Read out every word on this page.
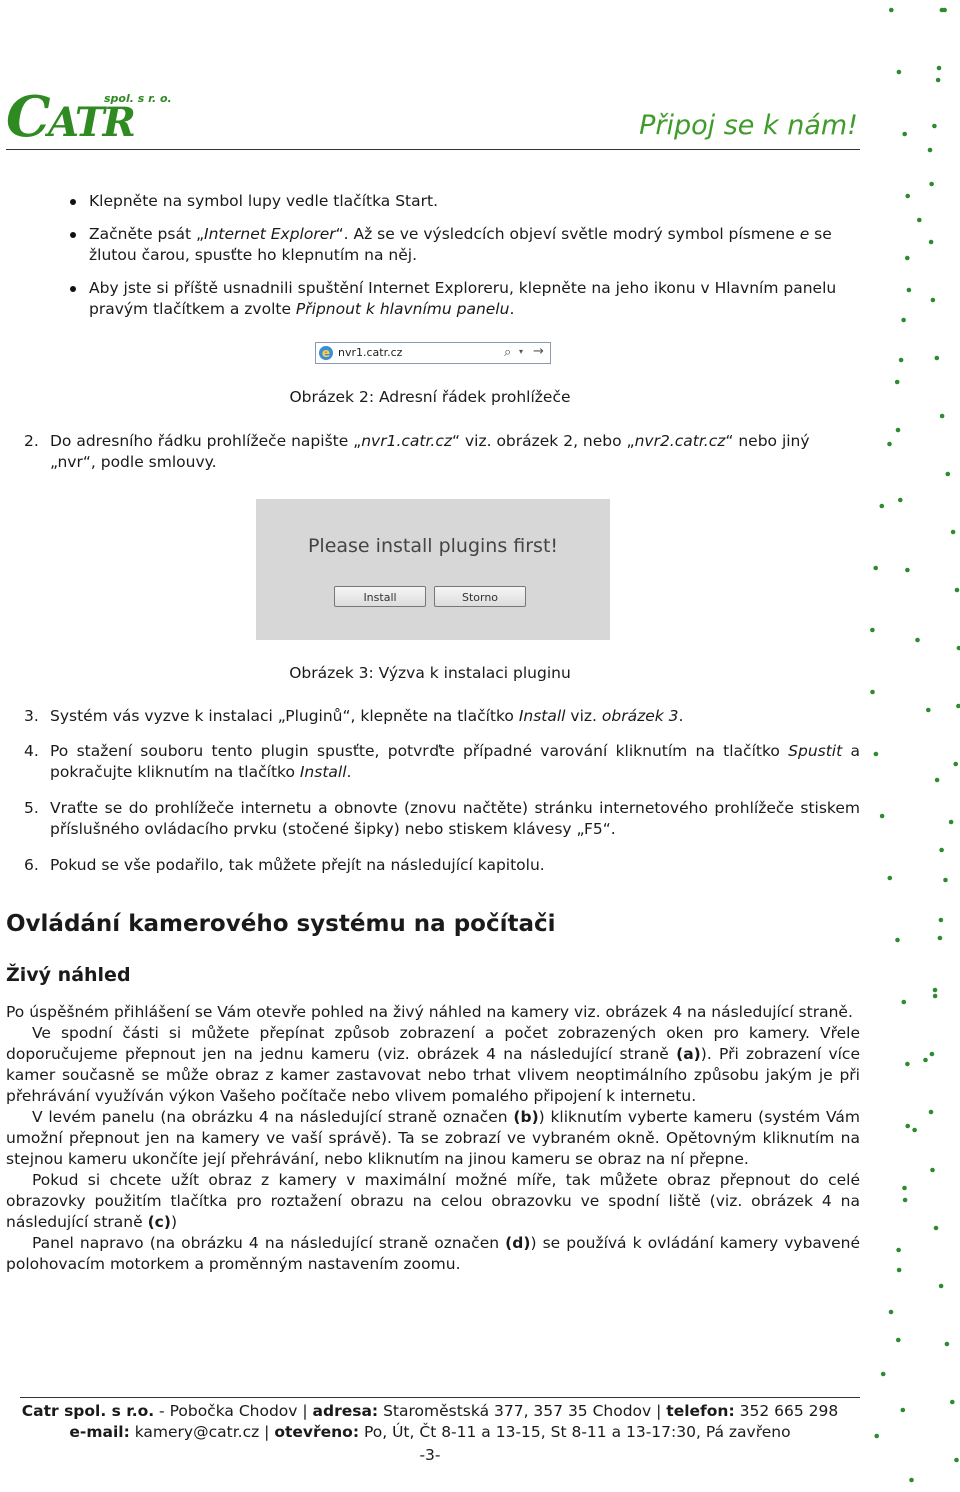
C
ATR
spol. s r. o.
Připoj se k nám!
Klepněte na symbol lupy vedle tlačítka Start.
Začněte psát „Internet Explorer“. Až se ve výsledcích objeví světle modrý symbol písmene e se žlutou čarou, spusťte ho klepnutím na něj.
Aby jste si příště usnadnili spuštění Internet Exploreru, klepněte na jeho ikonu v Hlavním panelu pravým tlačítkem a zvolte Připnout k hlavnímu panelu.
e nvr1.catr.cz	⌕ ▾ →
Obrázek 2: Adresní řádek prohlížeče
2. Do adresního řádku prohlížeče napište „nvr1.catr.cz“ viz. obrázek 2, nebo „nvr2.catr.cz“ nebo jiný „nvr“, podle smlouvy.
Please install plugins first!
Install	Storno
Obrázek 3: Výzva k instalaci pluginu
3. Systém vás vyzve k instalaci „Pluginů“, klepněte na tlačítko Install viz. obrázek 3.
4. Po stažení souboru tento plugin spusťte, potvrďte případné varování kliknutím na tlačítko Spustit a pokračujte kliknutím na tlačítko Install.
5. Vraťte se do prohlížeče internetu a obnovte (znovu načtěte) stránku internetového prohlížeče stiskem příslušného ovládacího prvku (stočené šipky) nebo stiskem klávesy „F5“.
6. Pokud se vše podařilo, tak můžete přejít na následující kapitolu.
Ovládání kamerového systému na počítači
Živý náhled
Po úspěšném přihlášení se Vám otevře pohled na živý náhled na kamery viz. obrázek 4 na následující straně.
Ve spodní části si můžete přepínat způsob zobrazení a počet zobrazených oken pro kamery. Vřele doporučujeme přepnout jen na jednu kameru (viz. obrázek 4 na následující straně (a)). Při zobrazení více kamer současně se může obraz z kamer zastavovat nebo trhat vlivem neoptimálního způsobu jakým je při přehrávání využíván výkon Vašeho počítače nebo vlivem pomalého připojení k internetu.
V levém panelu (na obrázku 4 na následující straně označen (b)) kliknutím vyberte kameru (systém Vám umožní přepnout jen na kamery ve vaší správě). Ta se zobrazí ve vybraném okně. Opětovným kliknutím na stejnou kameru ukončíte její přehrávání, nebo kliknutím na jinou kameru se obraz na ní přepne.
Pokud si chcete užít obraz z kamery v maximální možné míře, tak můžete obraz přepnout do celé obrazovky použitím tlačítka pro roztažení obrazu na celou obrazovku ve spodní liště (viz. obrázek 4 na následující straně (c))
Panel napravo (na obrázku 4 na následující straně označen (d)) se používá k ovládání kamery vybavené polohovacím motorkem a proměnným nastavením zoomu.
Catr spol. s r.o. - Pobočka Chodov | adresa: Staroměstská 377, 357 35 Chodov | telefon: 352 665 298
e-mail: kamery@catr.cz | otevřeno: Po, Út, Čt 8-11 a 13-15, St 8-11 a 13-17:30, Pá zavřeno
-3-
